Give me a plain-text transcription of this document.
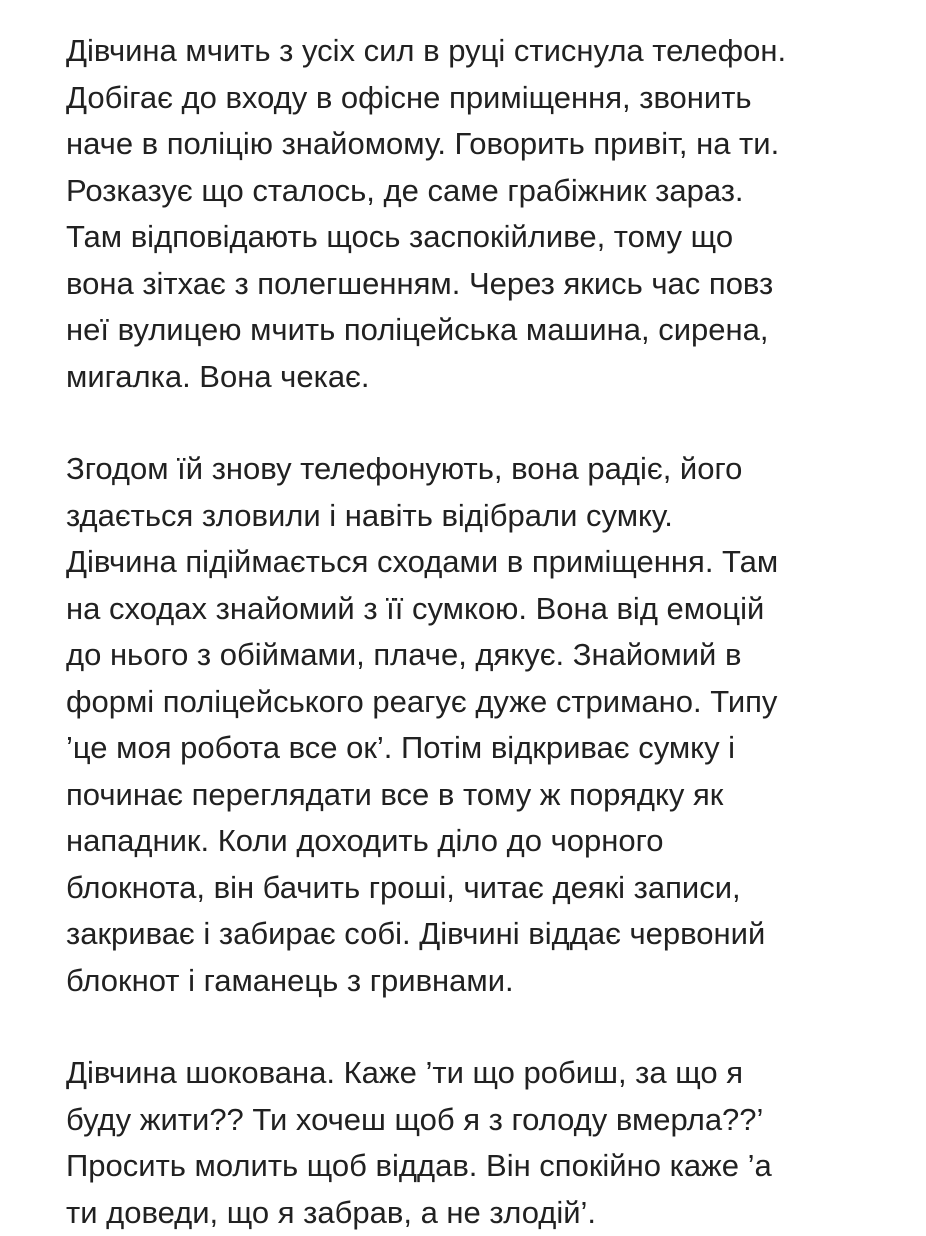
Дівчина мчить з усіх сил в руці стиснула телефон.
Добігає до входу в офісне приміщення, звонить
наче в поліцію знайомому. Говорить привіт, на ти.
Розказує що сталось, де саме грабіжник зараз.
Там відповідають щось заспокійливе, тому що
вона зітхає з полегшенням. Через якись час повз
неї вулицею мчить поліцейська машина, сирена,
мигалка. Вона чекає.

Згодом їй знову телефонують, вона радіє, його
здається зловили і навіть відібрали сумку.
Дівчина підіймається сходами в приміщення. Там
на сходах знайомий з її сумкою. Вона від емоцій
до нього з обіймами, плаче, дякує. Знайомий в
формі поліцейського реагує дуже стримано. Типу
’це моя робота все ок’. Потім відкриває сумку і
починає переглядати все в тому ж порядку як
нападник. Коли доходить діло до чорного
блокнота, він бачить гроші, читає деякі записи,
закриває і забирає собі. Дівчині віддає червоний
блокнот і гаманець з гривнами.

Дівчина шокована. Каже ’ти що робиш, за що я
буду жити?? Ти хочеш щоб я з голоду вмерла??’
Просить молить щоб віддав. Він спокійно каже ’а
ти доведи, що я забрав, а не злодій’.
